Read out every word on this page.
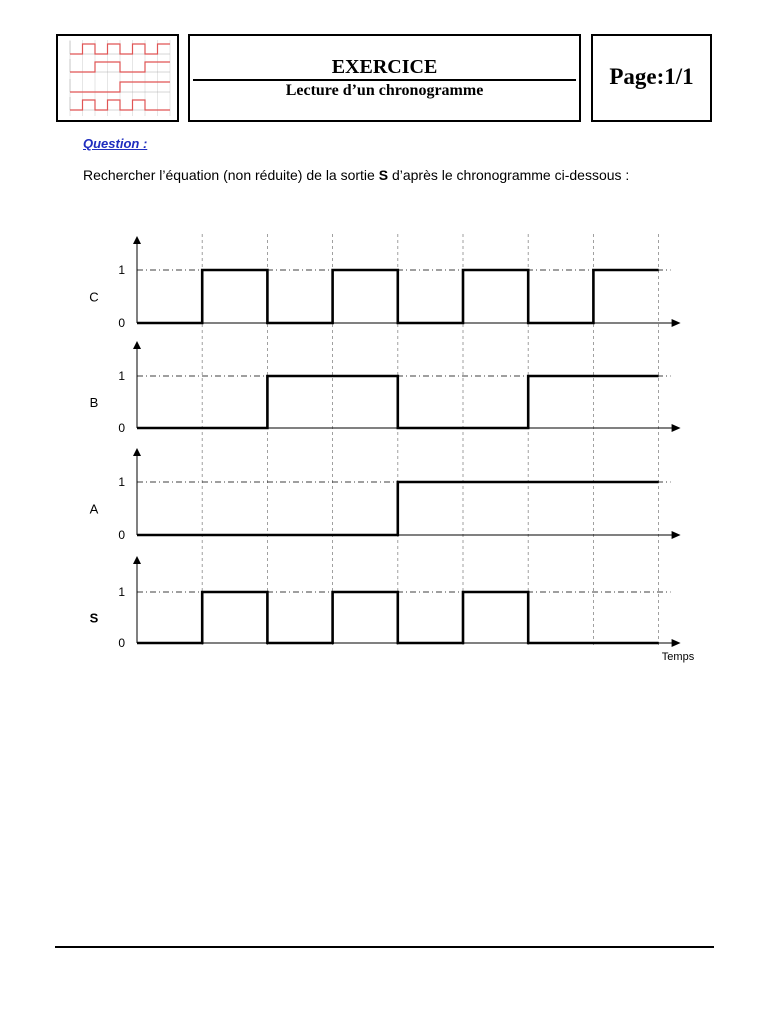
EXERCICE
Lecture d’un chronogramme
Page:1/1
Question :
Rechercher l’équation (non réduite) de la sortie S d’après le chronogramme ci-dessous :
1
0
C
1
0
B
1
0
A
1
0
S
Temps
